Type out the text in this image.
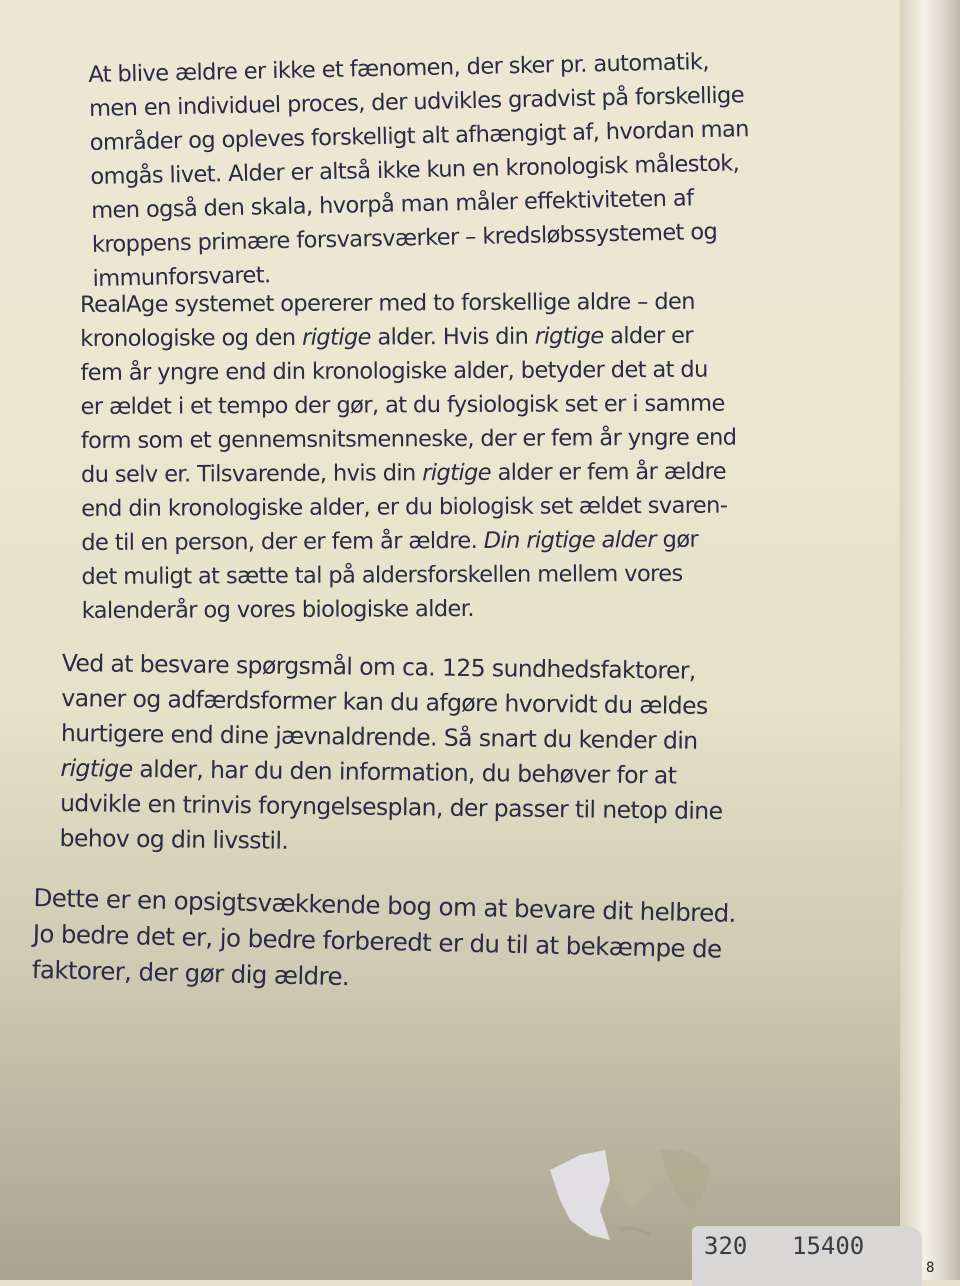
At blive ældre er ikke et fænomen, der sker pr. automatik,
men en individuel proces, der udvikles gradvist på forskellige
områder og opleves forskelligt alt afhængigt af, hvordan man
omgås livet. Alder er altså ikke kun en kronologisk målestok,
men også den skala, hvorpå man måler effektiviteten af
kroppens primære forsvarsværker – kredsløbssystemet og
immunforsvaret.
RealAge systemet opererer med to forskellige aldre – den
kronologiske og den rigtige alder. Hvis din rigtige alder er
fem år yngre end din kronologiske alder, betyder det at du
er ældet i et tempo der gør, at du fysiologisk set er i samme
form som et gennemsnitsmenneske, der er fem år yngre end
du selv er. Tilsvarende, hvis din rigtige alder er fem år ældre
end din kronologiske alder, er du biologisk set ældet svaren-
de til en person, der er fem år ældre. Din rigtige alder gør
det muligt at sætte tal på aldersforskellen mellem vores
kalenderår og vores biologiske alder.
Ved at besvare spørgsmål om ca. 125 sundhedsfaktorer,
vaner og adfærdsformer kan du afgøre hvorvidt du ældes
hurtigere end dine jævnaldrende. Så snart du kender din
rigtige alder, har du den information, du behøver for at
udvikle en trinvis foryngelsesplan, der passer til netop dine
behov og din livsstil.
Dette er en opsigtsvækkende bog om at bevare dit helbred.
Jo bedre det er, jo bedre forberedt er du til at bekæmpe de
faktorer, der gør dig ældre.
320 15400
8
